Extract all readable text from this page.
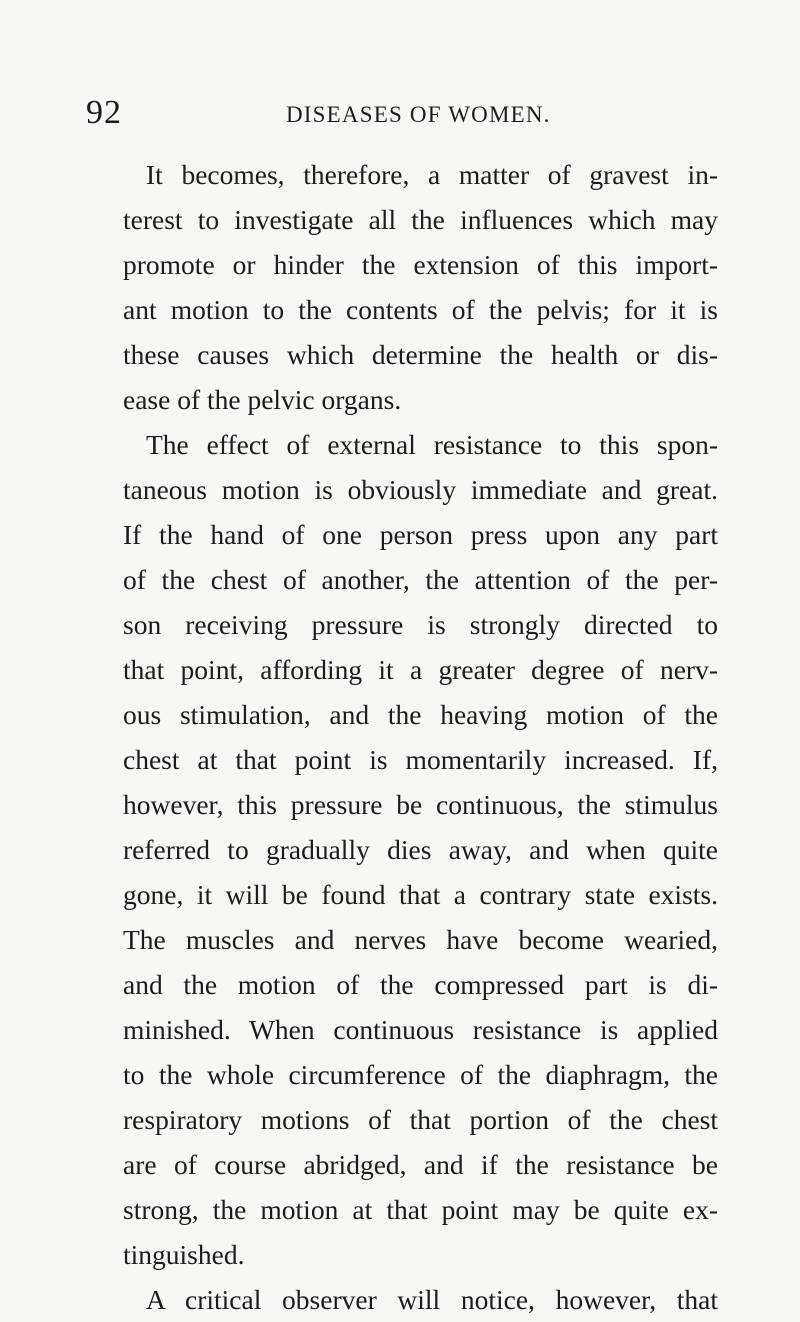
92	DISEASES OF WOMEN.
It becomes, therefore, a matter of gravest in-
terest to investigate all the influences which may
promote or hinder the extension of this import-
ant motion to the contents of the pelvis; for it is
these causes which determine the health or dis-
ease of the pelvic organs.
The effect of external resistance to this spon-
taneous motion is obviously immediate and great.
If the hand of one person press upon any part
of the chest of another, the attention of the per-
son receiving pressure is strongly directed to
that point, affording it a greater degree of nerv-
ous stimulation, and the heaving motion of the
chest at that point is momentarily increased. If,
however, this pressure be continuous, the stimulus
referred to gradually dies away, and when quite
gone, it will be found that a contrary state exists.
The muscles and nerves have become wearied,
and the motion of the compressed part is di-
minished. When continuous resistance is applied
to the whole circumference of the diaphragm, the
respiratory motions of that portion of the chest
are of course abridged, and if the resistance be
strong, the motion at that point may be quite ex-
tinguished.
A critical observer will notice, however, that
